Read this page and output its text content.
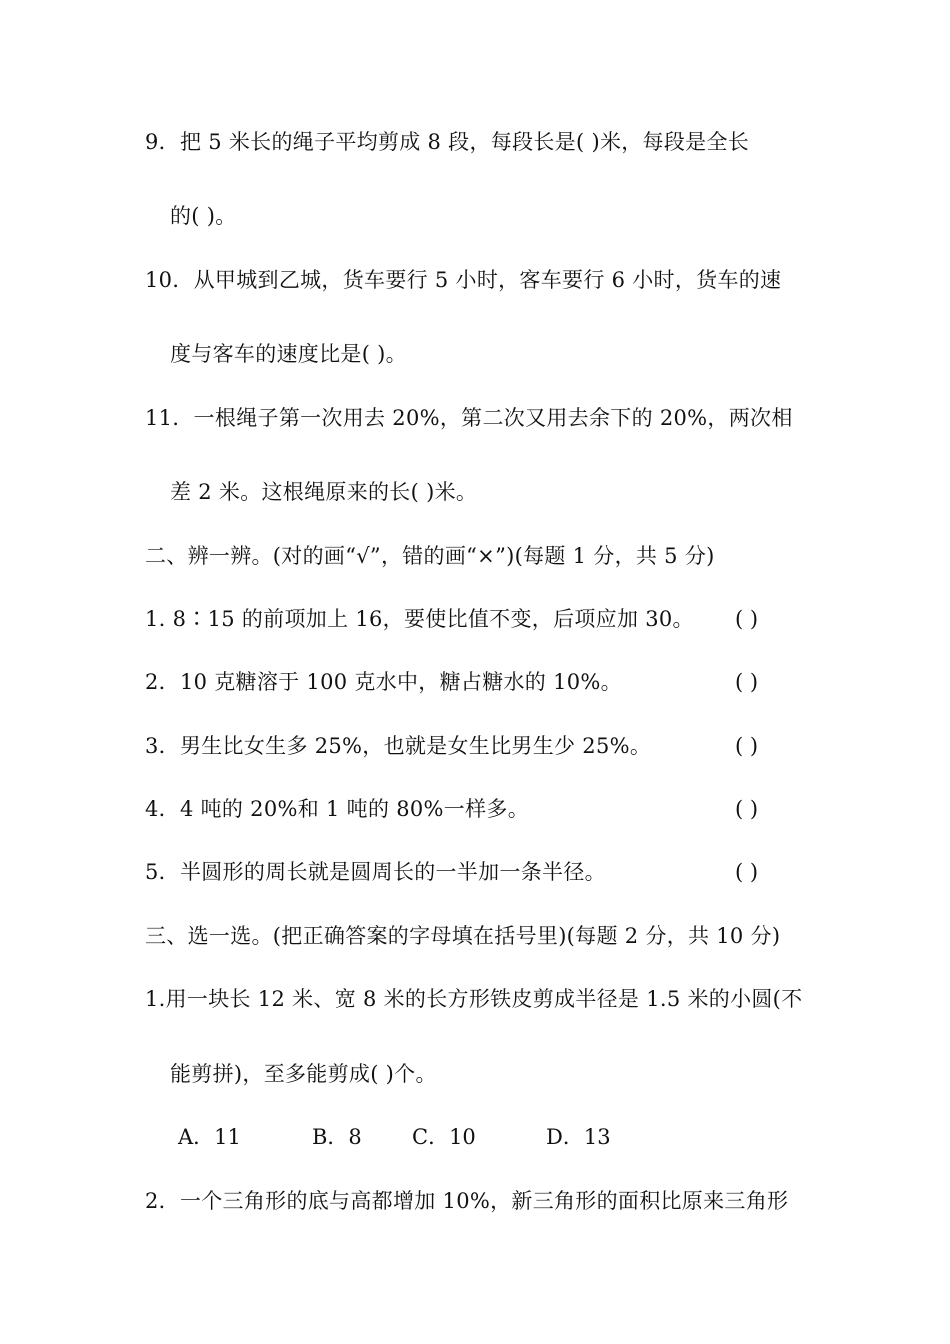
9．把 5 米长的绳子平均剪成 8 段，每段长是( )米，每段是全长
的( )。
10．从甲城到乙城，货车要行 5 小时，客车要行 6 小时，货车的速
度与客车的速度比是( )。
11．一根绳子第一次用去 20%，第二次又用去余下的 20%，两次相
差 2 米。这根绳原来的长( )米。
二、辨一辨。(对的画“√”，错的画“×”)(每题 1 分，共 5 分)
1. 8∶15 的前项加上 16，要使比值不变，后项应加 30。 ( )
2．10 克糖溶于 100 克水中，糖占糖水的 10%。	( )
3．男生比女生多 25%，也就是女生比男生少 25%。	( )
4．4 吨的 20%和 1 吨的 80%一样多。	( )
5．半圆形的周长就是圆周长的一半加一条半径。	( )
三、选一选。(把正确答案的字母填在括号里)(每题 2 分，共 10 分)
1.用一块长 12 米、宽 8 米的长方形铁皮剪成半径是 1.5 米的小圆(不
能剪拼)，至多能剪成( )个。
A．11	B．8 C．10	D．13
2．一个三角形的底与高都增加 10%，新三角形的面积比原来三角形
